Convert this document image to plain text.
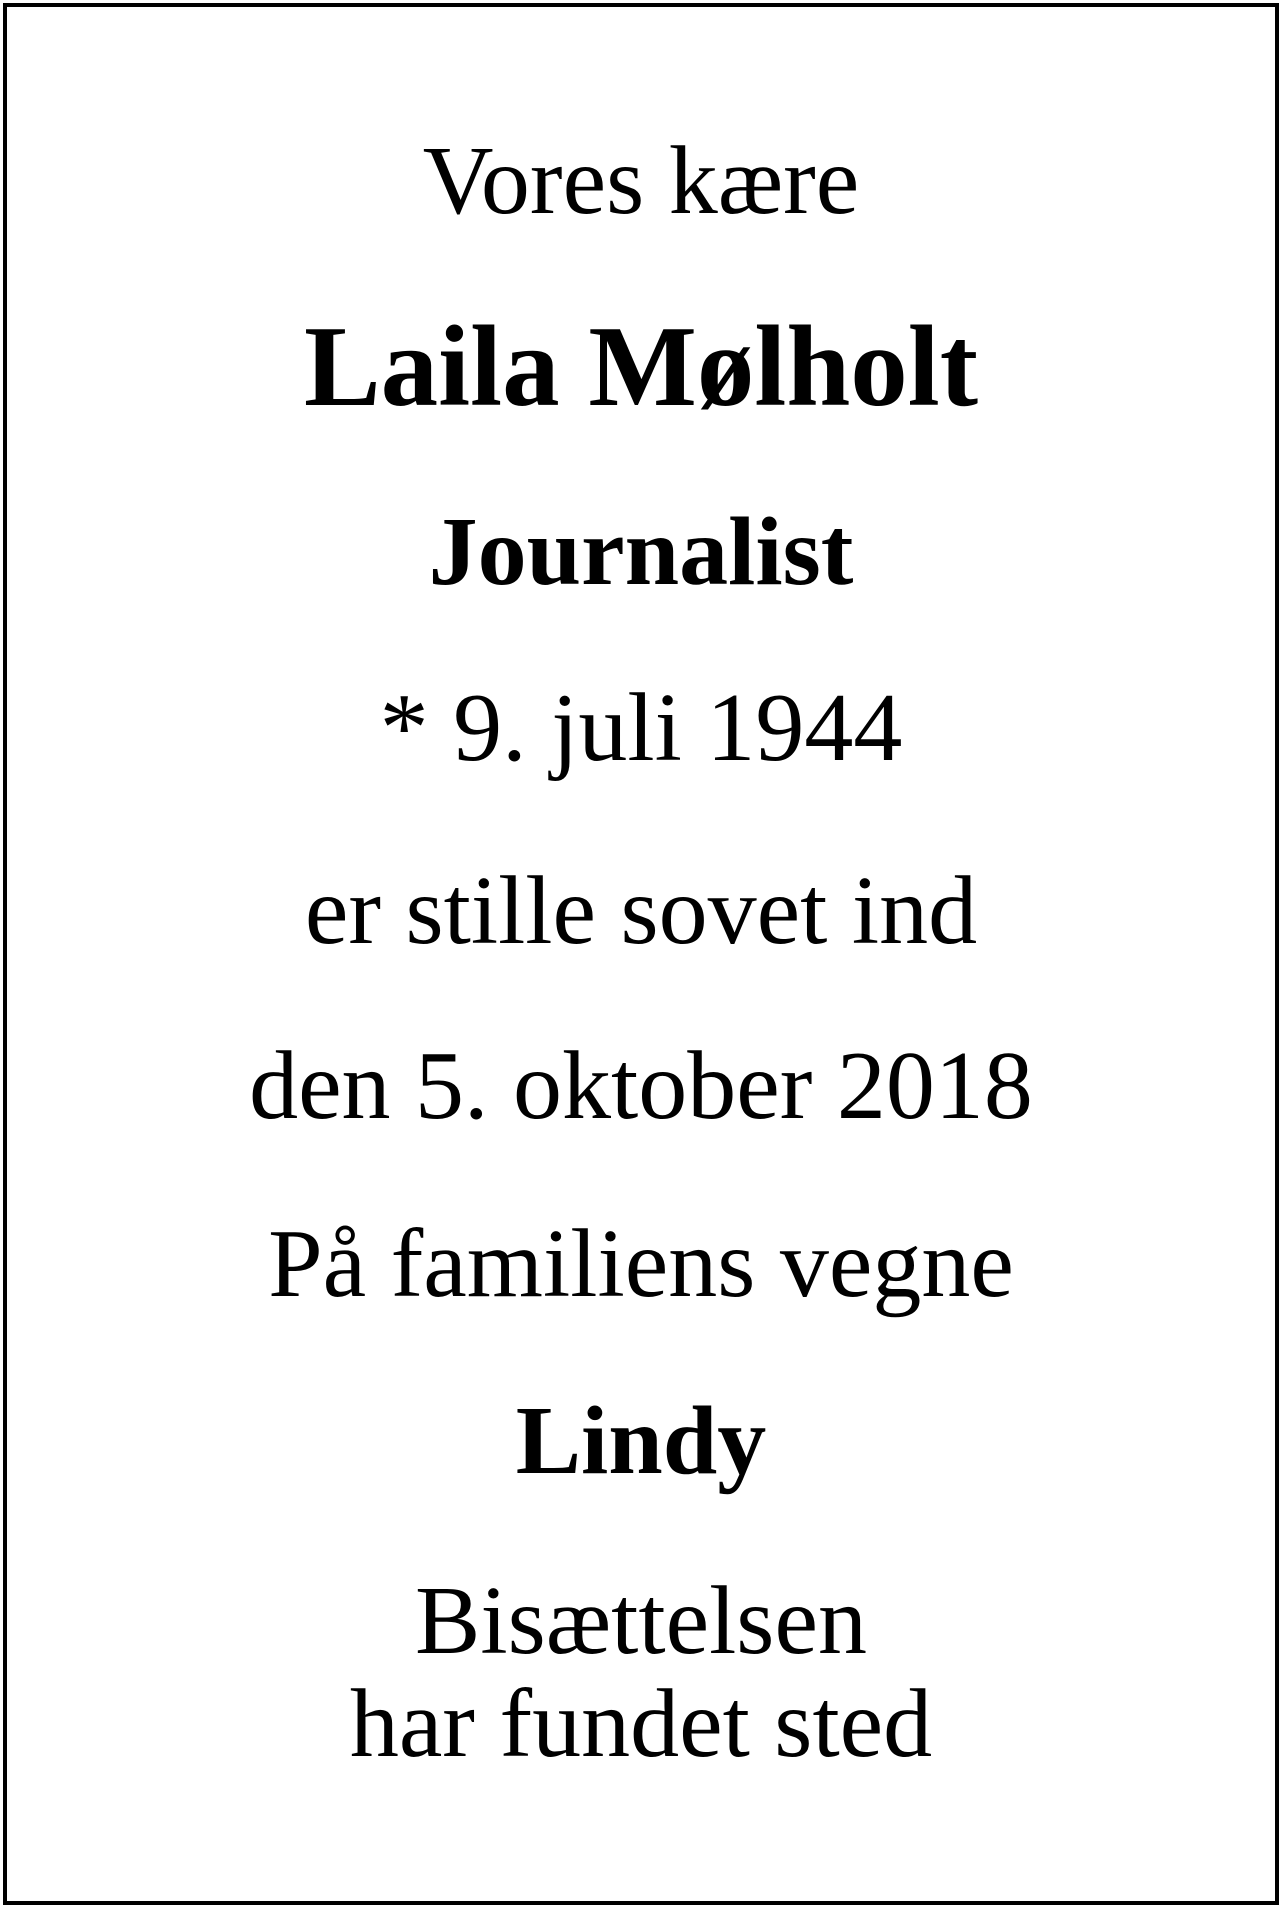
Vores kære
Laila Mølholt
Journalist
* 9. juli 1944
er stille sovet ind
den 5. oktober 2018
På familiens vegne
Lindy
Bisættelsen
har fundet sted
